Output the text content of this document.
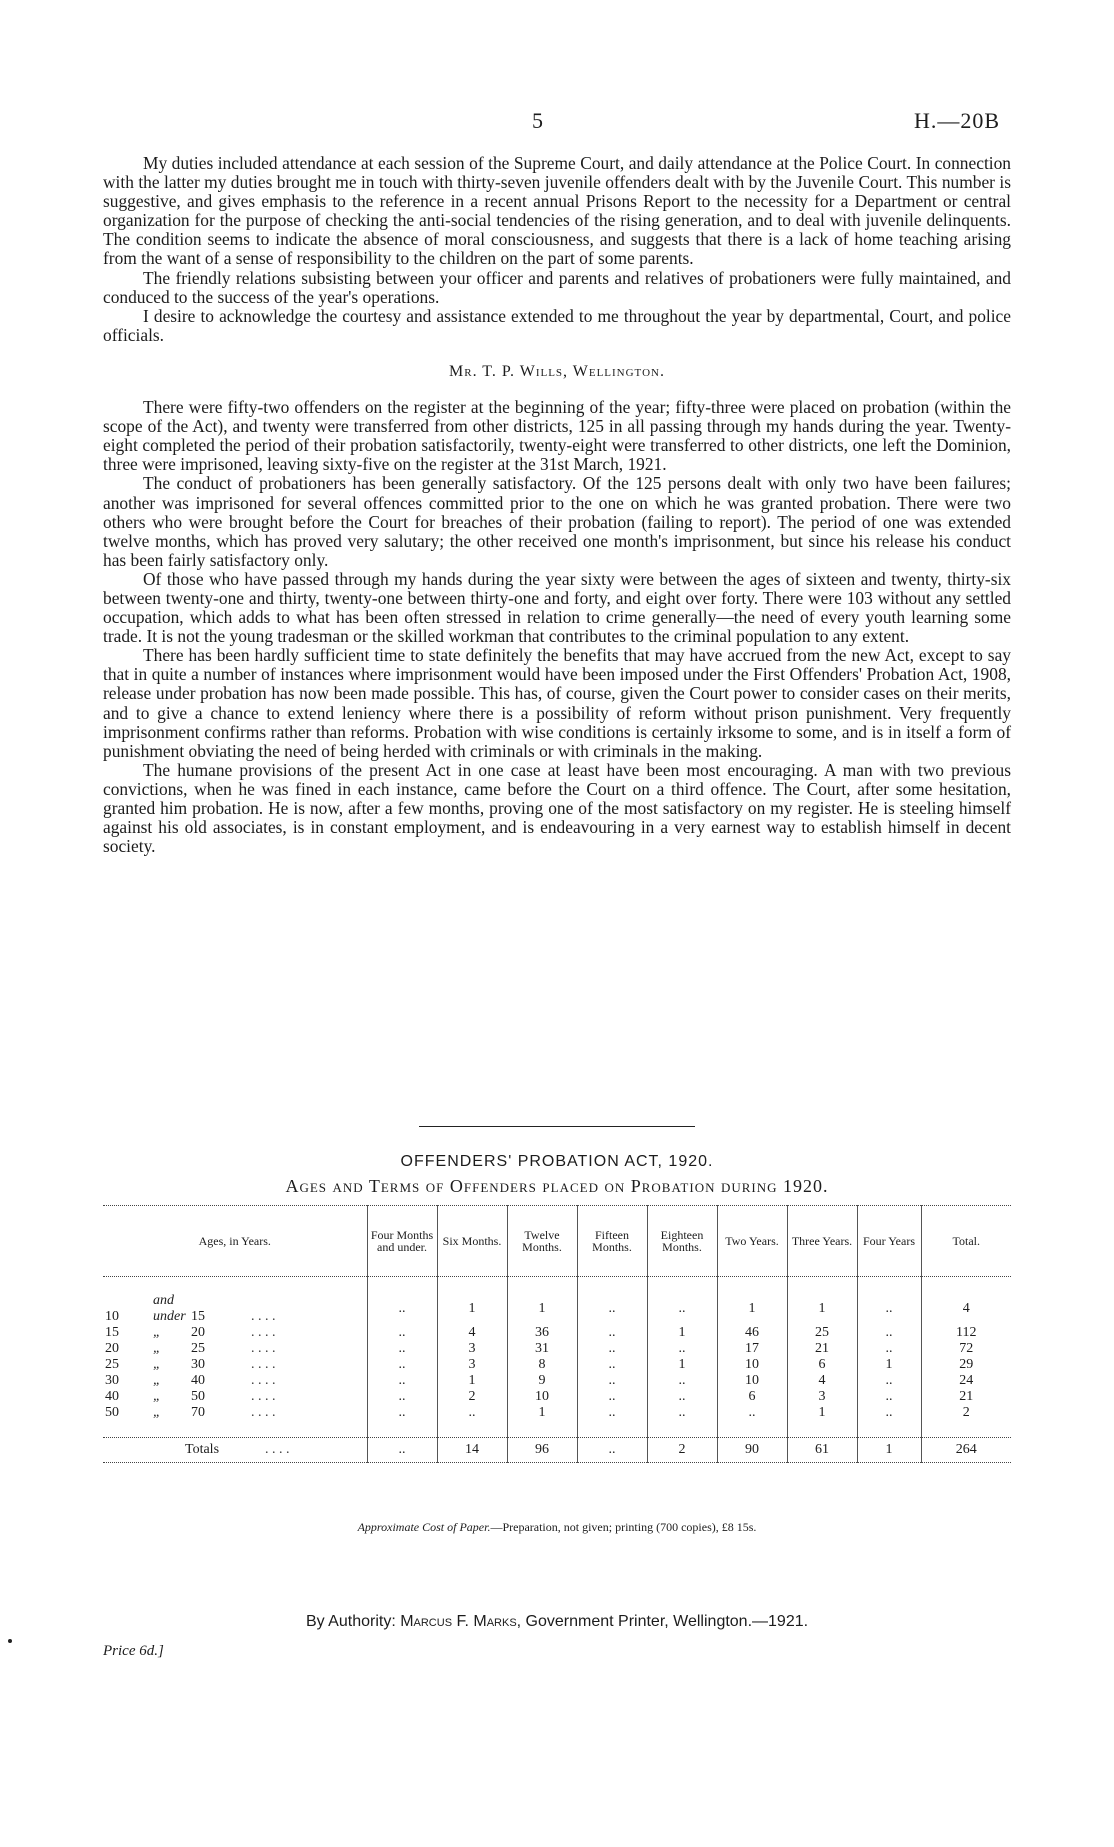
5	H.—20B

My duties included attendance at each session of the Supreme Court, and daily attendance at the Police Court. In connection with the latter my duties brought me in touch with thirty-seven juvenile offenders dealt with by the Juvenile Court. This number is suggestive, and gives emphasis to the reference in a recent annual Prisons Report to the necessity for a Department or central organization for the purpose of checking the anti-social tendencies of the rising generation, and to deal with juvenile delinquents. The condition seems to indicate the absence of moral consciousness, and suggests that there is a lack of home teaching arising from the want of a sense of responsibility to the children on the part of some parents.

The friendly relations subsisting between your officer and parents and relatives of probationers were fully maintained, and conduced to the success of the year's operations.

I desire to acknowledge the courtesy and assistance extended to me throughout the year by departmental, Court, and police officials.

Mr. T. P. Wills, Wellington.

There were fifty-two offenders on the register at the beginning of the year; fifty-three were placed on probation (within the scope of the Act), and twenty were transferred from other districts, 125 in all passing through my hands during the year. Twenty-eight completed the period of their probation satisfactorily, twenty-eight were transferred to other districts, one left the Dominion, three were imprisoned, leaving sixty-five on the register at the 31st March, 1921.

The conduct of probationers has been generally satisfactory. Of the 125 persons dealt with only two have been failures; another was imprisoned for several offences committed prior to the one on which he was granted probation. There were two others who were brought before the Court for breaches of their probation (failing to report). The period of one was extended twelve months, which has proved very salutary; the other received one month's imprisonment, but since his release his conduct has been fairly satisfactory only.

Of those who have passed through my hands during the year sixty were between the ages of sixteen and twenty, thirty-six between twenty-one and thirty, twenty-one between thirty-one and forty, and eight over forty. There were 103 without any settled occupation, which adds to what has been often stressed in relation to crime generally—the need of every youth learning some trade. It is not the young tradesman or the skilled workman that contributes to the criminal population to any extent.

There has been hardly sufficient time to state definitely the benefits that may have accrued from the new Act, except to say that in quite a number of instances where imprisonment would have been imposed under the First Offenders' Probation Act, 1908, release under probation has now been made possible. This has, of course, given the Court power to consider cases on their merits, and to give a chance to extend leniency where there is a possibility of reform without prison punishment. Very frequently imprisonment confirms rather than reforms. Probation with wise conditions is certainly irksome to some, and is in itself a form of punishment obviating the need of being herded with criminals or with criminals in the making.

The humane provisions of the present Act in one case at least have been most encouraging. A man with two previous convictions, when he was fined in each instance, came before the Court on a third offence. The Court, after some hesitation, granted him probation. He is now, after a few months, proving one of the most satisfactory on my register. He is steeling himself against his old associates, is in constant employment, and is endeavouring in a very earnest way to establish himself in decent society.

OFFENDERS' PROBATION ACT, 1920.
Ages and Terms of Offenders placed on Probation during 1920.
Ages, in Years.	Four Months and under.	Six Months.	Twelve Months.	Fifteen Months.	Eighteen Months.	Two Years.	Three Years.	Four Years	Total.

10and under 15 . . . .	..	1	1	..	..	1	1	..	4
15 „ 20 . . . .	..	4	36	..	1	46	25	..	112
20 „ 25 . . . .	..	3	31	..	..	17	21	..	72
25 „ 30 . . . .	..	3	8	..	1	10	6	1	29
30 „ 40 . . . .	..	1	9	..	..	10	4	..	24
40 „ 50 . . . .	..	2	10	..	..	6	3	..	21
50 „ 70 . . . .	..	..	1	..	..	..	1	..	2

Totals . . . .	..	14	96	..	2	90	61	1	264
Approximate Cost of Paper.—Preparation, not given; printing (700 copies), £8 15s.
By Authority: Marcus F. Marks, Government Printer, Wellington.—1921.
Price 6d.]
